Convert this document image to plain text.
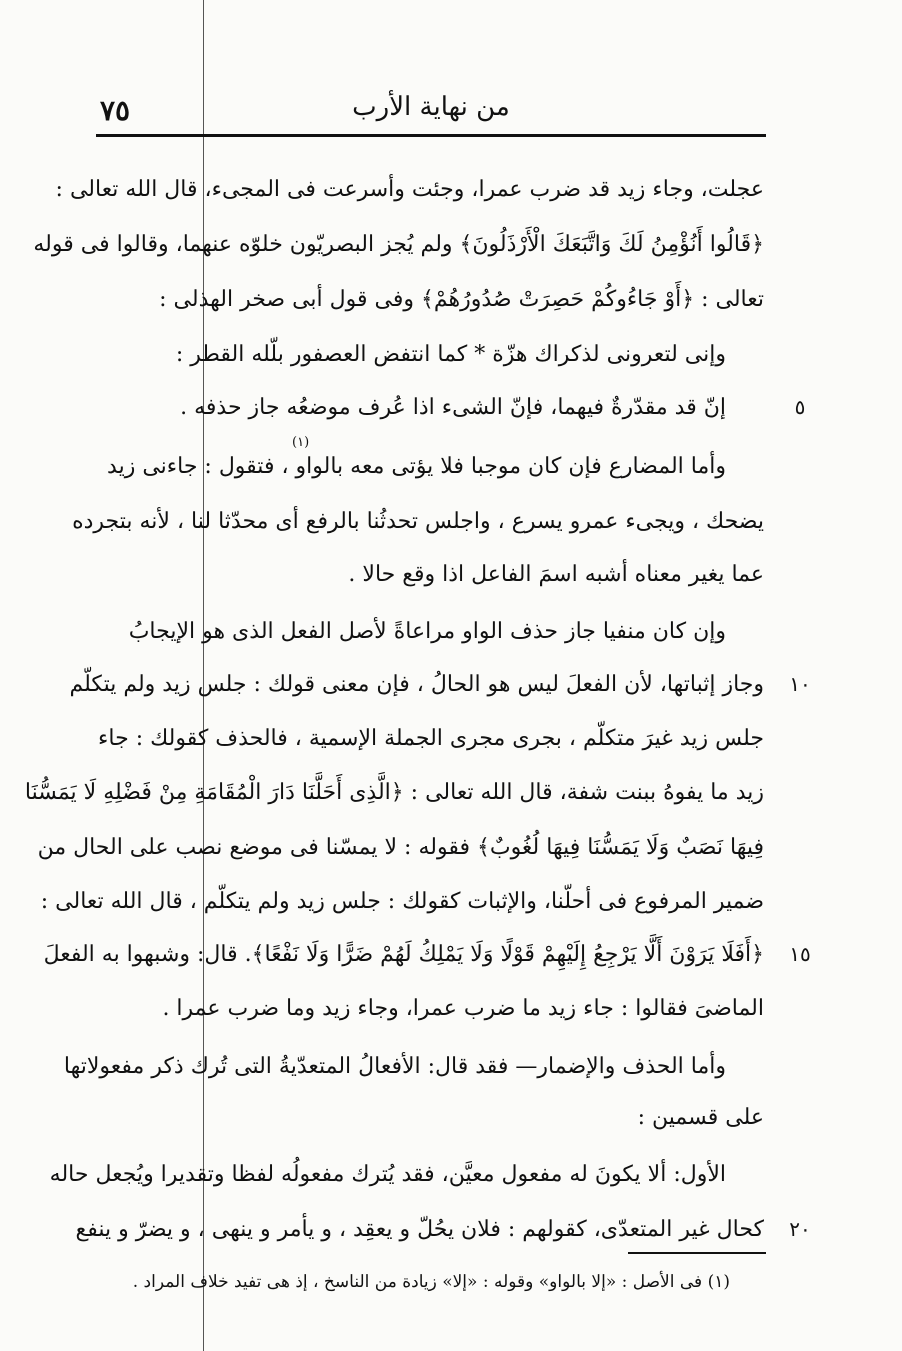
٧٥	من نهاية الأرب
عجلت، وجاء زيد قد ضرب عمرا، وجئت وأسرعت فى المجىء، قال الله تعالى :
﴿قَالُوا أَنُؤْمِنُ لَكَ وَاتَّبَعَكَ الْأَرْذَلُونَ﴾ ولم يُجز البصريّون خلوّه عنهما، وقالوا فى قوله
تعالى : ﴿أَوْ جَاءُوكُمْ حَصِرَتْ صُدُورُهُمْ﴾ وفى قول أبى صخر الهذلى :
وإنى لتعرونى لذكراك هزّة * كما انتفض العصفور بلّله القطر :
إنّ قد مقدّرةٌ فيهما، فإنّ الشىء اذا عُرف موضعُه جاز حذفه .
(١)
وأما المضارع فإن كان موجبا فلا يؤتى معه بالواو ، فتقول : جاءنى زيد
يضحك ، ويجىء عمرو يسرع ، واجلس تحدثُنا بالرفع أى محدّثا لنا ، لأنه بتجرده
عما يغير معناه أشبه اسمَ الفاعل اذا وقع حالا .
وإن كان منفيا جاز حذف الواو مراعاةً لأصل الفعل الذى هو الإيجابُ
وجاز إثباتها، لأن الفعلَ ليس هو الحالُ ، فإن معنى قولك : جلس زيد ولم يتكلّم
جلس زيد غيرَ متكلّم ، بجرى مجرى الجملة الإسمية ، فالحذف كقولك : جاء
زيد ما يفوهُ ببنت شفة، قال الله تعالى : ﴿الَّذِى أَحَلَّنَا دَارَ الْمُقَامَةِ مِنْ فَضْلِهِ لَا يَمَسُّنَا
فِيهَا نَصَبٌ وَلَا يَمَسُّنَا فِيهَا لُغُوبٌ﴾ فقوله : لا يمسّنا فى موضع نصب على الحال من
ضمير المرفوع فى أحلّنا، والإثبات كقولك : جلس زيد ولم يتكلّم ، قال الله تعالى :
﴿أَفَلَا يَرَوْنَ أَلَّا يَرْجِعُ إِلَيْهِمْ قَوْلًا وَلَا يَمْلِكُ لَهُمْ ضَرًّا وَلَا نَفْعًا﴾. قال: وشبهوا به الفعلَ
الماضىَ فقالوا : جاء زيد ما ضرب عمرا، وجاء زيد وما ضرب عمرا .
وأما الحذف والإضمار— فقد قال: الأفعالُ المتعدّيةُ التى تُرك ذكر مفعولاتها
على قسمين :
الأول: ألا يكونَ له مفعول معيَّن، فقد يُترك مفعولُه لفظا وتقديرا ويُجعل حاله
كحال غير المتعدّى، كقولهم : فلان يحُلّ و يعقِد ، و يأمر و ينهى ، و يضرّ و ينفع
٥
١٠
١٥
٢٠
(١) فى الأصل : «إلا بالواو» وقوله : «إلا» زيادة من الناسخ ، إذ هى تفيد خلاف المراد .
